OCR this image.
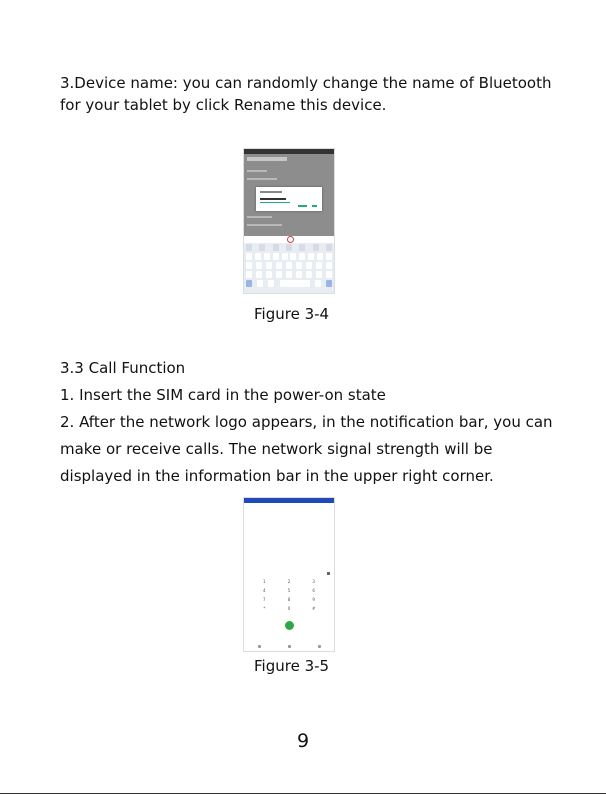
3.Device name: you can randomly change the name of Bluetooth
for your tablet by click Rename this device.

Figure 3-4

3.3 Call Function
1. Insert the SIM card in the power-on state
2. After the network logo appears, in the notification bar, you can
make or receive calls. The network signal strength will be
displayed in the information bar in the upper right corner.

1	2	3
4	5	6
7	8	9
*	0	#
Figure 3-5
9
